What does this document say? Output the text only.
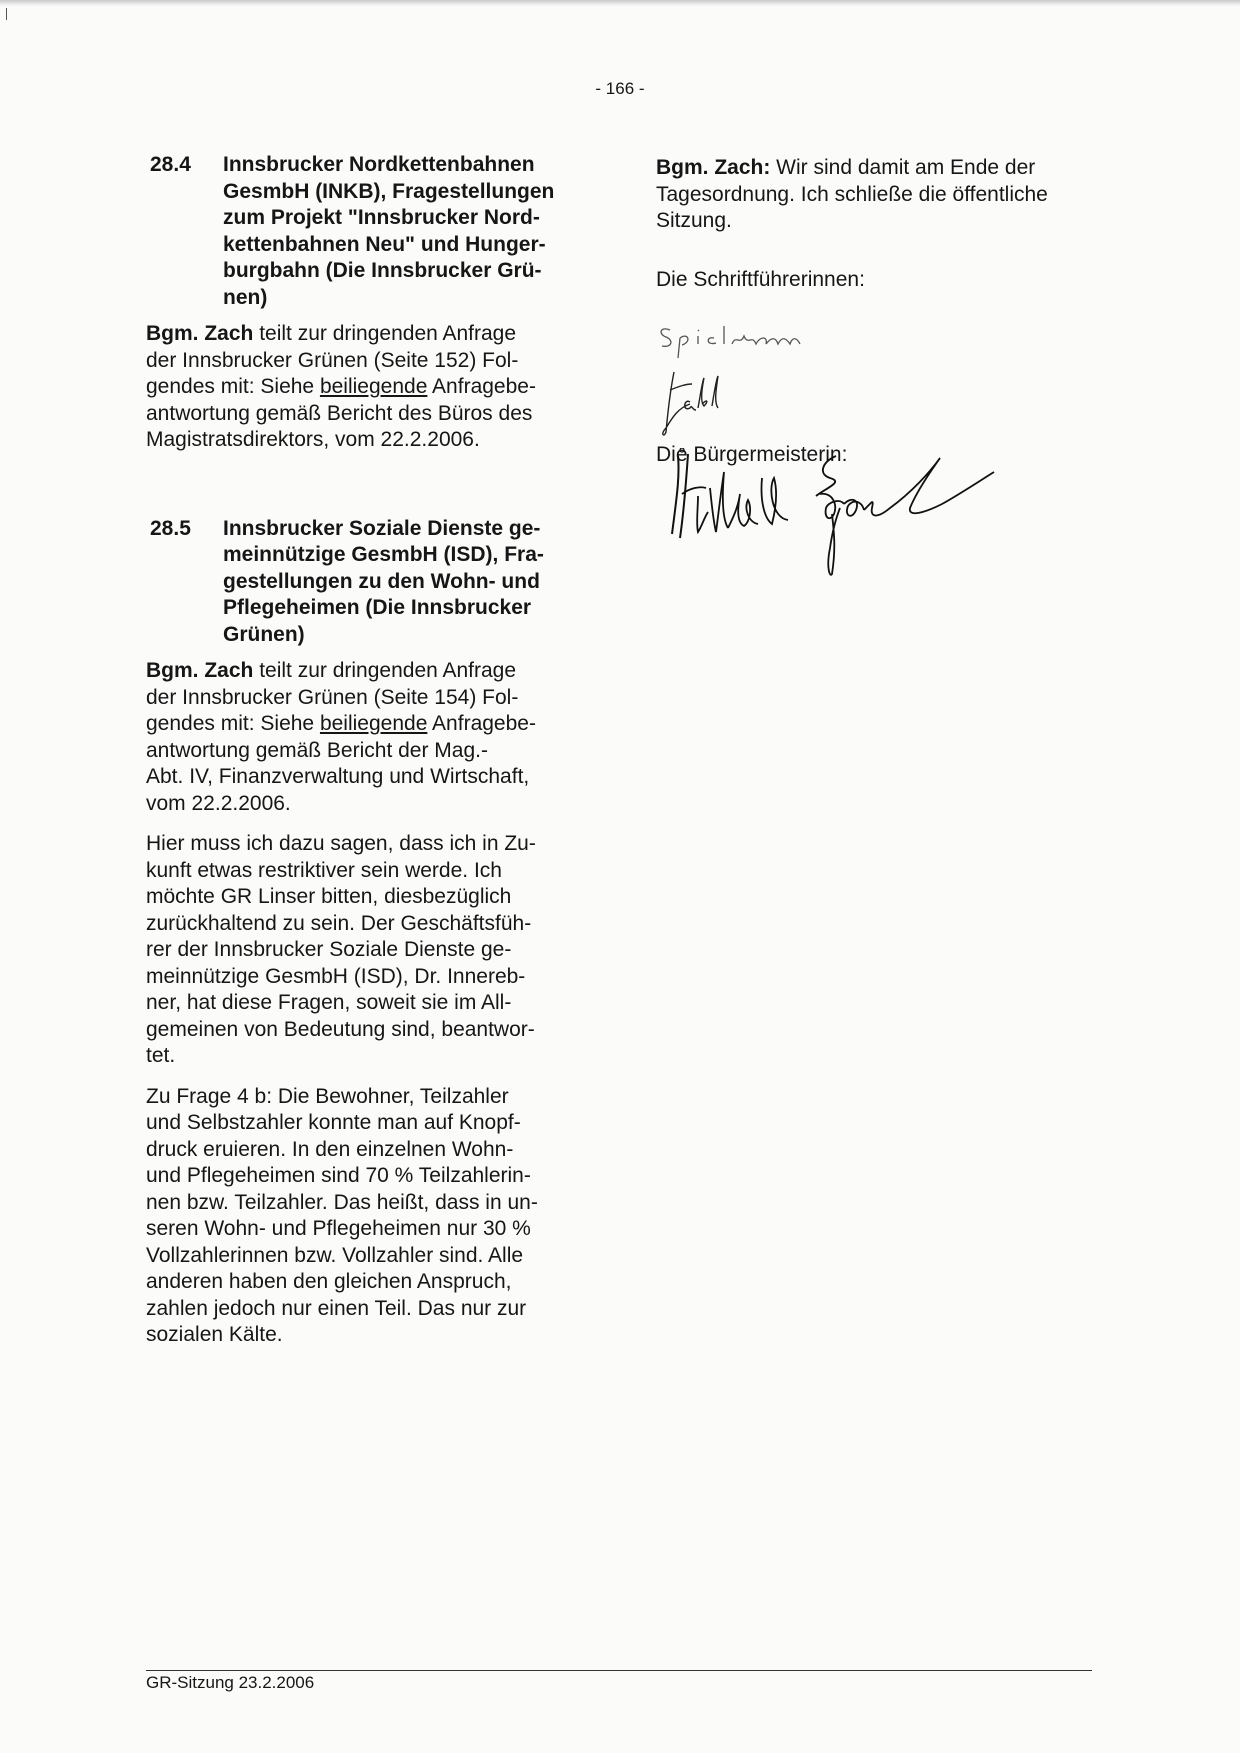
- 166 -
28.4	Innsbrucker Nordkettenbahnen
GesmbH (INKB), Fragestellungen
zum Projekt "Innsbrucker Nord-
kettenbahnen Neu" und Hunger-
burgbahn (Die Innsbrucker Grü-
nen)
Bgm. Zach teilt zur dringenden Anfrage
der Innsbrucker Grünen (Seite 152) Fol-
gendes mit: Siehe beiliegende Anfragebe-
antwortung gemäß Bericht des Büros des
Magistratsdirektors, vom 22.2.2006.
28.5	Innsbrucker Soziale Dienste ge-
meinnützige GesmbH (ISD), Fra-
gestellungen zu den Wohn- und
Pflegeheimen (Die Innsbrucker
Grünen)
Bgm. Zach teilt zur dringenden Anfrage
der Innsbrucker Grünen (Seite 154) Fol-
gendes mit: Siehe beiliegende Anfragebe-
antwortung gemäß Bericht der Mag.-
Abt. IV, Finanzverwaltung und Wirtschaft,
vom 22.2.2006.
Hier muss ich dazu sagen, dass ich in Zu-
kunft etwas restriktiver sein werde. Ich
möchte GR Linser bitten, diesbezüglich
zurückhaltend zu sein. Der Geschäftsfüh-
rer der Innsbrucker Soziale Dienste ge-
meinnützige GesmbH (ISD), Dr. Innereb-
ner, hat diese Fragen, soweit sie im All-
gemeinen von Bedeutung sind, beantwor-
tet.
Zu Frage 4 b: Die Bewohner, Teilzahler
und Selbstzahler konnte man auf Knopf-
druck eruieren. In den einzelnen Wohn-
und Pflegeheimen sind 70 % Teilzahlerin-
nen bzw. Teilzahler. Das heißt, dass in un-
seren Wohn- und Pflegeheimen nur 30 %
Vollzahlerinnen bzw. Vollzahler sind. Alle
anderen haben den gleichen Anspruch,
zahlen jedoch nur einen Teil. Das nur zur
sozialen Kälte.
Bgm. Zach: Wir sind damit am Ende der
Tagesordnung. Ich schließe die öffentliche
Sitzung.
Die Schriftführerinnen:
Die Bürgermeisterin:
GR-Sitzung 23.2.2006
